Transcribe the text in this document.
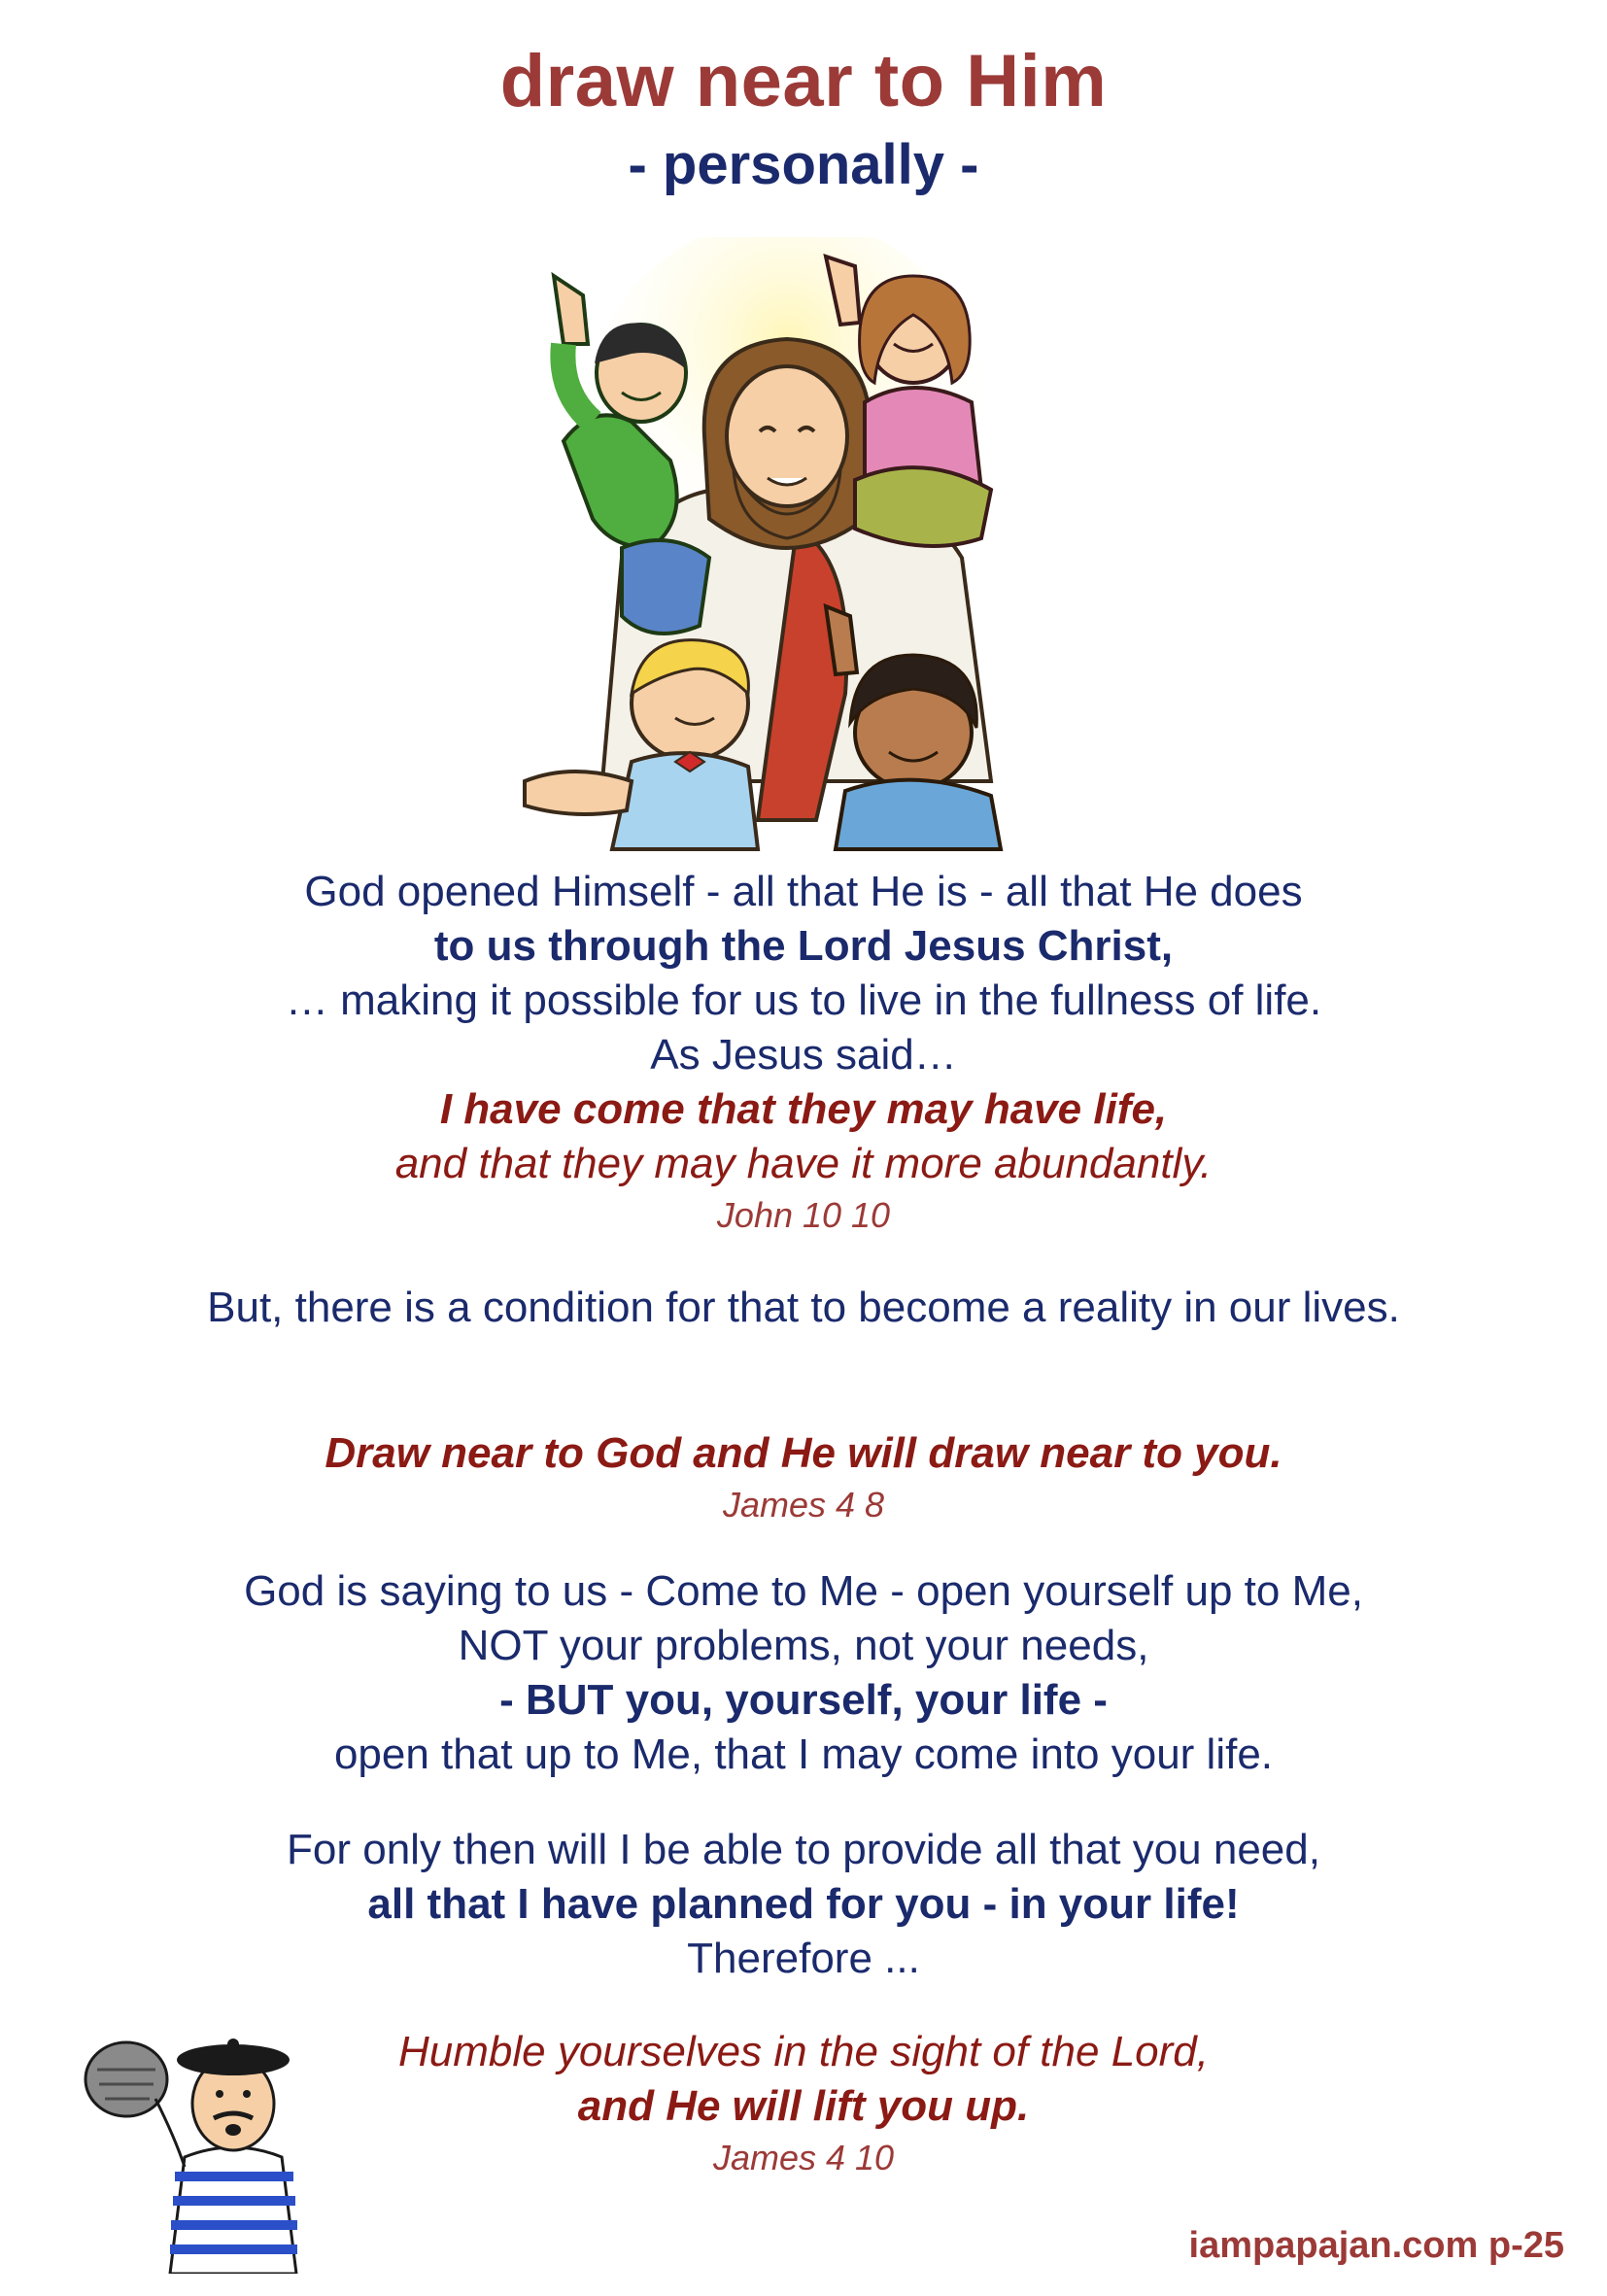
draw near to Him
- personally -
God opened Himself - all that He is - all that He does
to us through the Lord Jesus Christ,
… making it possible for us to live in the fullness of life.
As Jesus said…
I have come that they may have life,
and that they may have it more abundantly.
John 10 10
But, there is a condition for that to become a reality in our lives.
Draw near to God and He will draw near to you.
James 4 8
God is saying to us - Come to Me - open yourself up to Me,
NOT your problems, not your needs,
- BUT you, yourself, your life -
open that up to Me, that I may come into your life.
For only then will I be able to provide all that you need,
all that I have planned for you - in your life!
Therefore ...
Humble yourselves in the sight of the Lord,
and He will lift you up.
James 4 10
iampapajan.com p-25
